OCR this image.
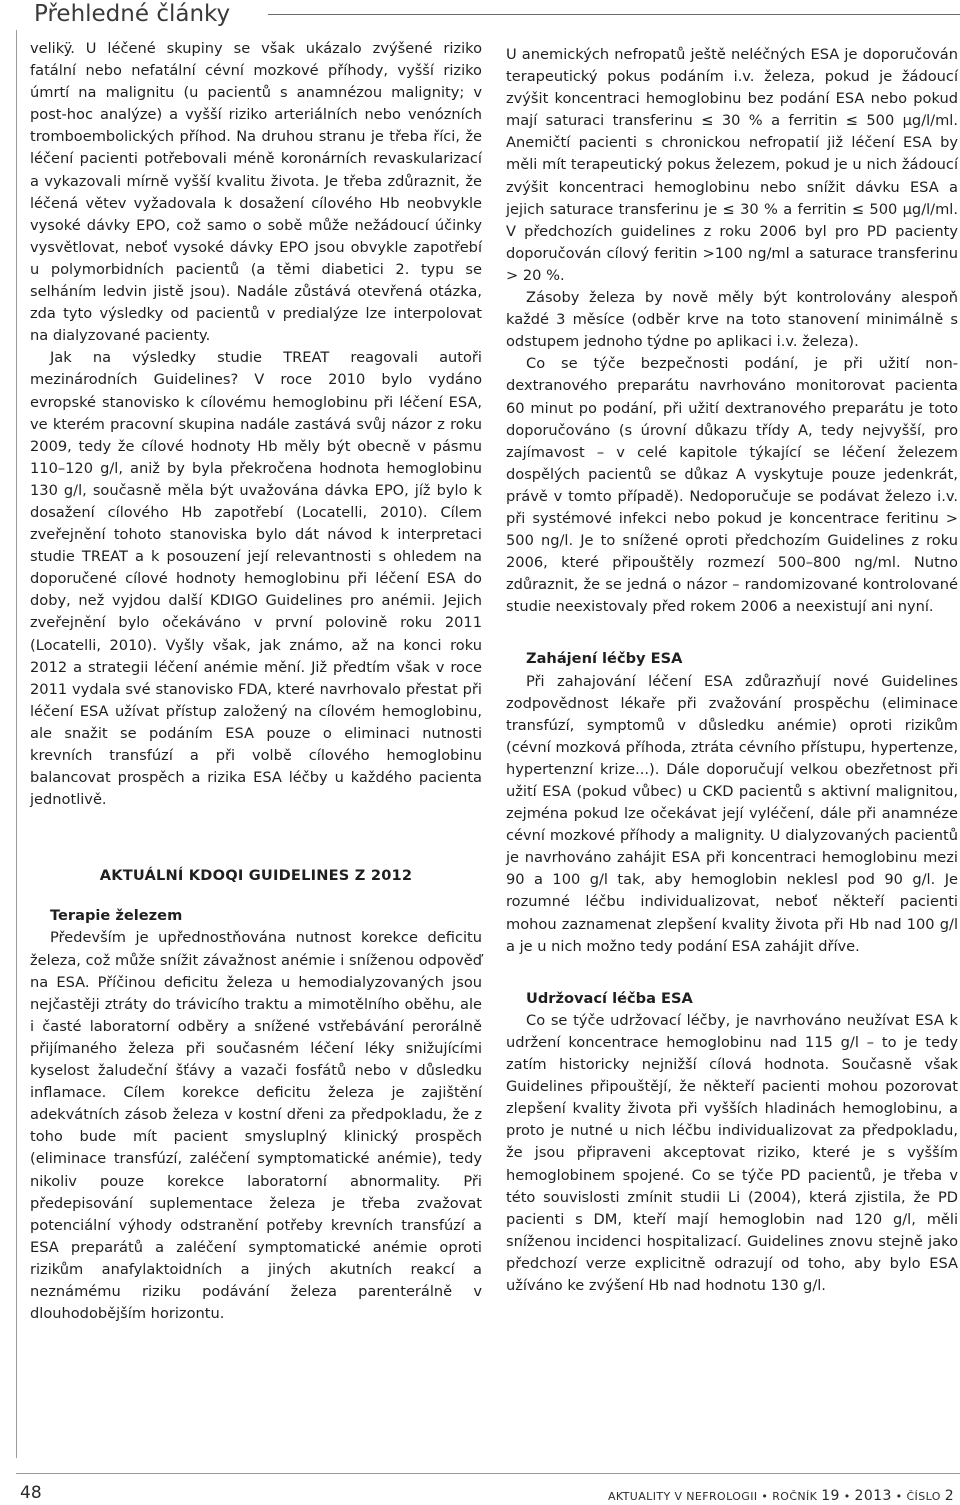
Přehledné články

velikÿ. U léčené skupiny se však ukázalo zvýšené riziko fatální nebo nefatální cévní mozkové příhody, vyšší riziko úmrtí na malignitu (u pacientů s anamnézou malignity; v post-hoc analýze) a vyšší riziko arteriálních nebo venózních tromboembolických příhod. Na druhou stranu je třeba říci, že léčení pacienti potřebovali méně koronárních revaskularizací a vykazovali mírně vyšší kvalitu života. Je třeba zdůraznit, že léčená větev vyžadovala k dosažení cílového Hb neobvykle vysoké dávky EPO, což samo o sobě může nežádoucí účinky vysvětlovat, neboť vysoké dávky EPO jsou obvykle zapotřebí u polymorbidních pacientů (a těmi diabetici 2. typu se selháním ledvin jistě jsou). Nadále zůstává otevřená otázka, zda tyto výsledky od pacientů v predialýze lze interpolovat na dialyzované pacienty.

Jak na výsledky studie TREAT reagovali autoři mezinárodních Guidelines? V roce 2010 bylo vydáno evropské stanovisko k cílovému hemoglobinu při léčení ESA, ve kterém pracovní skupina nadále zastává svůj názor z roku 2009, tedy že cílové hodnoty Hb měly být obecně v pásmu 110–120 g/l, aniž by byla překročena hodnota hemoglobinu 130 g/l, současně měla být uvažována dávka EPO, jíž bylo k dosažení cílového Hb zapotřebí (Locatelli, 2010). Cílem zveřejnění tohoto stanoviska bylo dát návod k interpretaci studie TREAT a k posouzení její relevantnosti s ohledem na doporučené cílové hodnoty hemoglobinu při léčení ESA do doby, než vyjdou další KDIGO Guidelines pro anémii. Jejich zveřejnění bylo očekáváno v první polovině roku 2011 (Locatelli, 2010). Vyšly však, jak známo, až na konci roku 2012 a strategii léčení anémie mění. Již předtím však v roce 2011 vydala své stanovisko FDA, které navrhovalo přestat při léčení ESA užívat přístup založený na cílovém hemoglobinu, ale snažit se podáním ESA pouze o eliminaci nutnosti krevních transfúzí a při volbě cílového hemoglobinu balancovat prospěch a rizika ESA léčby u každého pacienta jednotlivě.

AKTUÁLNÍ KDOQI GUIDELINES Z 2012
Terapie železem

Především je upřednostňována nutnost korekce deficitu železa, což může snížit závažnost anémie i sníženou odpověď na ESA. Příčinou deficitu železa u hemodialyzovaných jsou nejčastěji ztráty do trávicího traktu a mimotělního oběhu, ale i časté laboratorní odběry a snížené vstřebávání perorálně přijímaného železa při současném léčení léky snižujícími kyselost žaludeční šťávy a vazači fosfátů nebo v důsledku inflamace. Cílem korekce deficitu železa je zajištění adekvátních zásob železa v kostní dřeni za předpokladu, že z toho bude mít pacient smysluplný klinický prospěch (eliminace transfúzí, zaléčení symptomatické anémie), tedy nikoliv pouze korekce laboratorní abnormality. Při předepisování suplementace železa je třeba zvažovat potenciální výhody odstranění potřeby krevních transfúzí a ESA preparátů a zaléčení symptomatické anémie oproti rizikům anafylaktoidních a jiných akutních reakcí a neznámému riziku podávání železa parenterálně v dlouhodobějším horizontu.

U anemických nefropatů ještě neléčných ESA je doporučován terapeutický pokus podáním i.v. železa, pokud je žádoucí zvýšit koncentraci hemoglobinu bez podání ESA nebo pokud mají saturaci transferinu ≤ 30 % a ferritin ≤ 500 μg/l/ml. Anemičtí pacienti s chronickou nefropatií již léčení ESA by měli mít terapeutický pokus železem, pokud je u nich žádoucí zvýšit koncentraci hemoglobinu nebo snížit dávku ESA a jejich saturace transferinu je ≤ 30 % a ferritin ≤ 500 μg/l/ml. V předchozích guidelines z roku 2006 byl pro PD pacienty doporučován cílový feritin >100 ng/ml a saturace transferinu > 20 %.

Zásoby železa by nově měly být kontrolovány alespoň každé 3 měsíce (odběr krve na toto stanovení minimálně s odstupem jednoho týdne po aplikaci i.v. železa).

Co se týče bezpečnosti podání, je při užití non-dextranového preparátu navrhováno monitorovat pacienta 60 minut po podání, při užití dextranového preparátu je toto doporučováno (s úrovní důkazu třídy A, tedy nejvyšší, pro zajímavost – v celé kapitole týkající se léčení železem dospělých pacientů se důkaz A vyskytuje pouze jedenkrát, právě v tomto případě). Nedoporučuje se podávat železo i.v. při systémové infekci nebo pokud je koncentrace feritinu > 500 ng/l. Je to snížené oproti předchozím Guidelines z roku 2006, které připouštěly rozmezí 500–800 ng/ml. Nutno zdůraznit, že se jedná o názor – randomizované kontrolované studie neexistovaly před rokem 2006 a neexistují ani nyní.

Zahájení léčby ESA

Při zahajování léčení ESA zdůrazňují nové Guidelines zodpovědnost lékaře při zvažování prospěchu (eliminace transfúzí, symptomů v důsledku anémie) oproti rizikům (cévní mozková příhoda, ztráta cévního přístupu, hypertenze, hypertenzní krize...). Dále doporučují velkou obezřetnost při užití ESA (pokud vůbec) u CKD pacientů s aktivní malignitou, zejména pokud lze očekávat její vyléčení, dále při anamnéze cévní mozkové příhody a malignity. U dialyzovaných pacientů je navrhováno zahájit ESA při koncentraci hemoglobinu mezi 90 a 100 g/l tak, aby hemoglobin neklesl pod 90 g/l. Je rozumné léčbu individualizovat, neboť někteří pacienti mohou zaznamenat zlepšení kvality života při Hb nad 100 g/l a je u nich možno tedy podání ESA zahájit dříve.

Udržovací léčba ESA

Co se týče udržovací léčby, je navrhováno neužívat ESA k udržení koncentrace hemoglobinu nad 115 g/l – to je tedy zatím historicky nejnižší cílová hodnota. Současně však Guidelines připouštějí, že někteří pacienti mohou pozorovat zlepšení kvality života při vyšších hladinách hemoglobinu, a proto je nutné u nich léčbu individualizovat za předpokladu, že jsou připraveni akceptovat riziko, které je s vyšším hemoglobinem spojené. Co se týče PD pacientů, je třeba v této souvislosti zmínit studii Li (2004), která zjistila, že PD pacienti s DM, kteří mají hemoglobin nad 120 g/l, měli sníženou incidenci hospitalizací. Guidelines znovu stejně jako předchozí verze explicitně odrazují od toho, aby bylo ESA užíváno ke zvýšení Hb nad hodnotu 130 g/l.

48	AKTUALITY V NEFROLOGII • ROČNÍK 19 • 2013 • ČÍSLO 2
